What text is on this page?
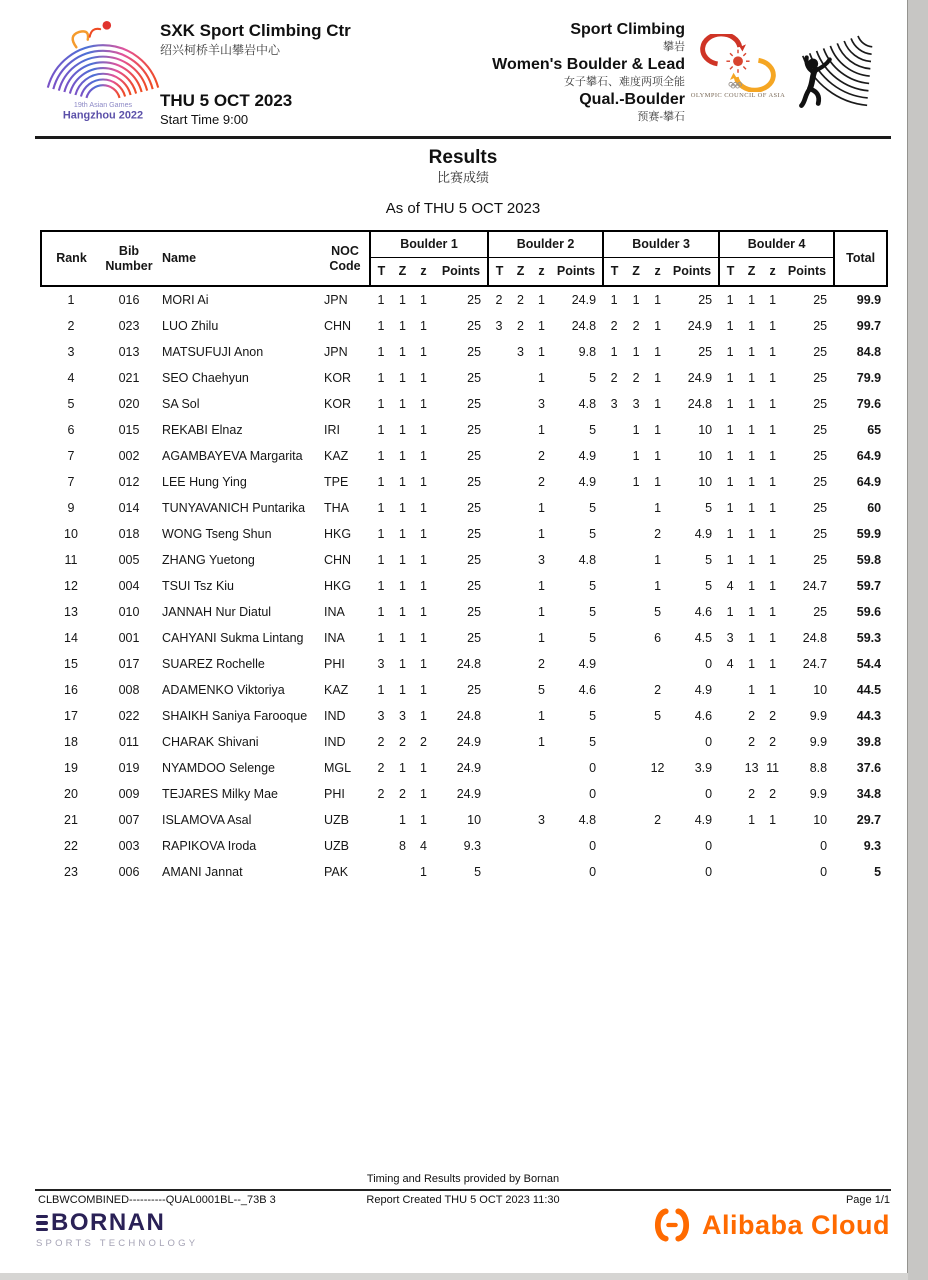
19th Asian Games
Hangzhou 2022
SXK Sport Climbing Ctr
绍兴柯桥羊山攀岩中心
THU 5 OCT 2023
Start Time 9:00
Sport Climbing
攀岩
Women's Boulder & Lead
女子攀石、难度两项全能
Qual.-Boulder
预赛-攀石
OLYMPIC COUNCIL OF ASIA
Results
比赛成绩
As of THU 5 OCT 2023
Rank	Bib Number	Name	NOC Code	Boulder 1				Boulder 2				Boulder 3				Boulder 4				Total
				T	Z	z	Points	T	Z	z	Points	T	Z	z	Points	T	Z	z	Points	
1	016	MORI Ai	JPN	1	1	1	25	2	2	1	24.9	1	1	1	25	1	1	1	25	99.9
2	023	LUO Zhilu	CHN	1	1	1	25	3	2	1	24.8	2	2	1	24.9	1	1	1	25	99.7
3	013	MATSUFUJI Anon	JPN	1	1	1	25		3	1	9.8	1	1	1	25	1	1	1	25	84.8
4	021	SEO Chaehyun	KOR	1	1	1	25			1	5	2	2	1	24.9	1	1	1	25	79.9
5	020	SA Sol	KOR	1	1	1	25			3	4.8	3	3	1	24.8	1	1	1	25	79.6
6	015	REKABI Elnaz	IRI	1	1	1	25			1	5		1	1	10	1	1	1	25	65
7	002	AGAMBAYEVA Margarita	KAZ	1	1	1	25			2	4.9		1	1	10	1	1	1	25	64.9
7	012	LEE Hung Ying	TPE	1	1	1	25			2	4.9		1	1	10	1	1	1	25	64.9
9	014	TUNYAVANICH Puntarika	THA	1	1	1	25			1	5			1	5	1	1	1	25	60
10	018	WONG Tseng Shun	HKG	1	1	1	25			1	5			2	4.9	1	1	1	25	59.9
11	005	ZHANG Yuetong	CHN	1	1	1	25			3	4.8			1	5	1	1	1	25	59.8
12	004	TSUI Tsz Kiu	HKG	1	1	1	25			1	5			1	5	4	1	1	24.7	59.7
13	010	JANNAH Nur Diatul	INA	1	1	1	25			1	5			5	4.6	1	1	1	25	59.6
14	001	CAHYANI Sukma Lintang	INA	1	1	1	25			1	5			6	4.5	3	1	1	24.8	59.3
15	017	SUAREZ Rochelle	PHI	3	1	1	24.8			2	4.9				0	4	1	1	24.7	54.4
16	008	ADAMENKO Viktoriya	KAZ	1	1	1	25			5	4.6			2	4.9		1	1	10	44.5
17	022	SHAIKH Saniya Farooque	IND	3	3	1	24.8			1	5			5	4.6		2	2	9.9	44.3
18	011	CHARAK Shivani	IND	2	2	2	24.9			1	5				0		2	2	9.9	39.8
19	019	NYAMDOO Selenge	MGL	2	1	1	24.9				0			12	3.9		13	11	8.8	37.6
20	009	TEJARES Milky Mae	PHI	2	2	1	24.9				0				0		2	2	9.9	34.8
21	007	ISLAMOVA Asal	UZB		1	1	10			3	4.8			2	4.9		1	1	10	29.7
22	003	RAPIKOVA Iroda	UZB		8	4	9.3				0				0				0	9.3
23	006	AMANI Jannat	PAK			1	5				0				0				0	5
Timing and Results provided by Bornan
CLBWCOMBINED----------QUAL0001BL--_73B 3	Report Created THU 5 OCT 2023 11:30	Page 1/1
BORNAN
SPORTS TECHNOLOGY
Alibaba Cloud
